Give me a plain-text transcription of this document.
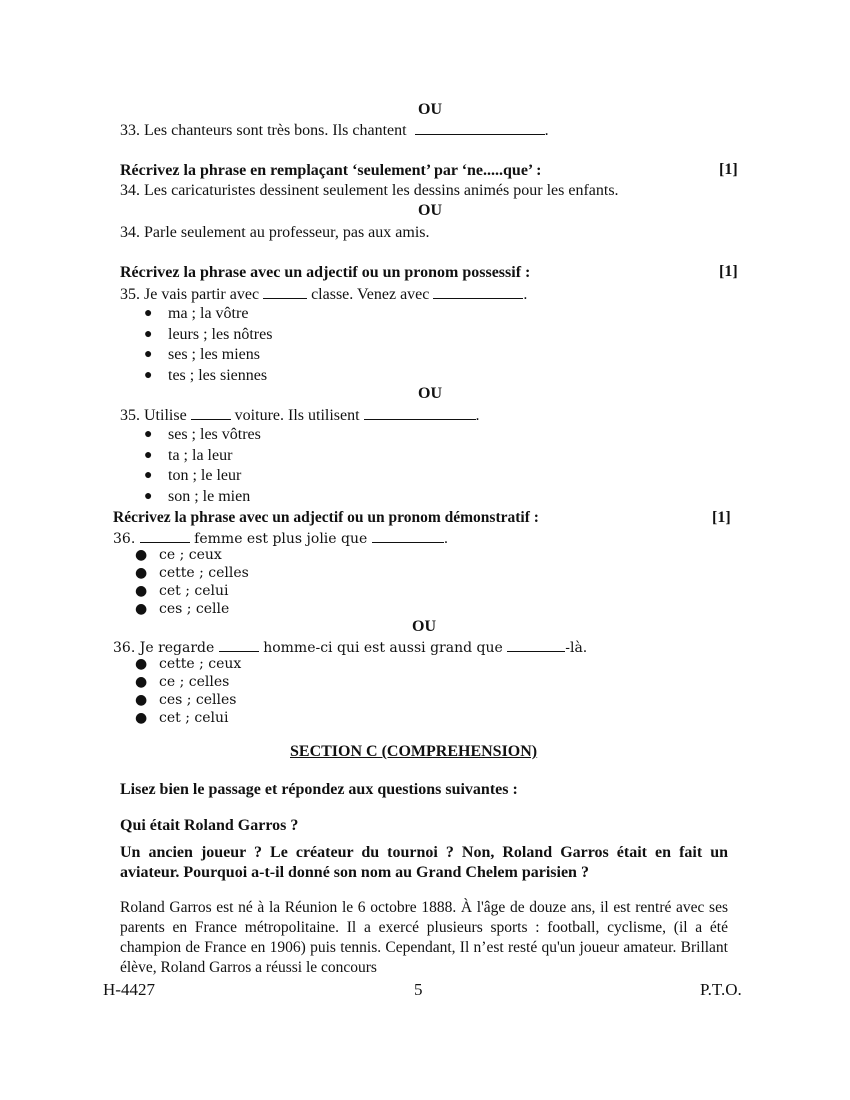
OU
33. Les chanteurs sont très bons. Ils chantent	.
Récrivez la phrase en remplaçant ‘seulement’ par ‘ne.....que’ :	[1]
34. Les caricaturistes dessinent seulement les dessins animés pour les enfants.
OU
34. Parle seulement au professeur, pas aux amis.
Récrivez la phrase avec un adjectif ou un pronom possessif :	[1]
35. Je vais partir avec	classe. Venez avec	.
● ma ; la vôtre
● leurs ; les nôtres
● ses ; les miens
● tes ; les siennes
OU
35. Utilise	voiture. Ils utilisent	.
● ses ; les vôtres
● ta ; la leur
● ton ; le leur
● son ; le mien
Récrivez la phrase avec un adjectif ou un pronom démonstratif :	[1]
36.	femme est plus jolie que	.
● ce ; ceux
● cette ; celles
● cet ; celui
● ces ; celle
OU
36. Je regarde	homme-ci qui est aussi grand que	-là.
● cette ; ceux
● ce ; celles
● ces ; celles
● cet ; celui
SECTION C (COMPREHENSION)
Lisez bien le passage et répondez aux questions suivantes :
Qui était Roland Garros ?
Un ancien joueur ? Le créateur du tournoi ? Non, Roland Garros était en fait un aviateur. Pourquoi a-t-il donné son nom au Grand Chelem parisien ?
Roland Garros est né à la Réunion le 6 octobre 1888. À l'âge de douze ans, il est rentré avec ses parents en France métropolitaine. Il a exercé plusieurs sports : football, cyclisme, (il a été champion de France en 1906) puis tennis. Cependant, Il n’est resté qu'un joueur amateur. Brillant élève, Roland Garros a réussi le concours
H-4427	5	P.T.O.
